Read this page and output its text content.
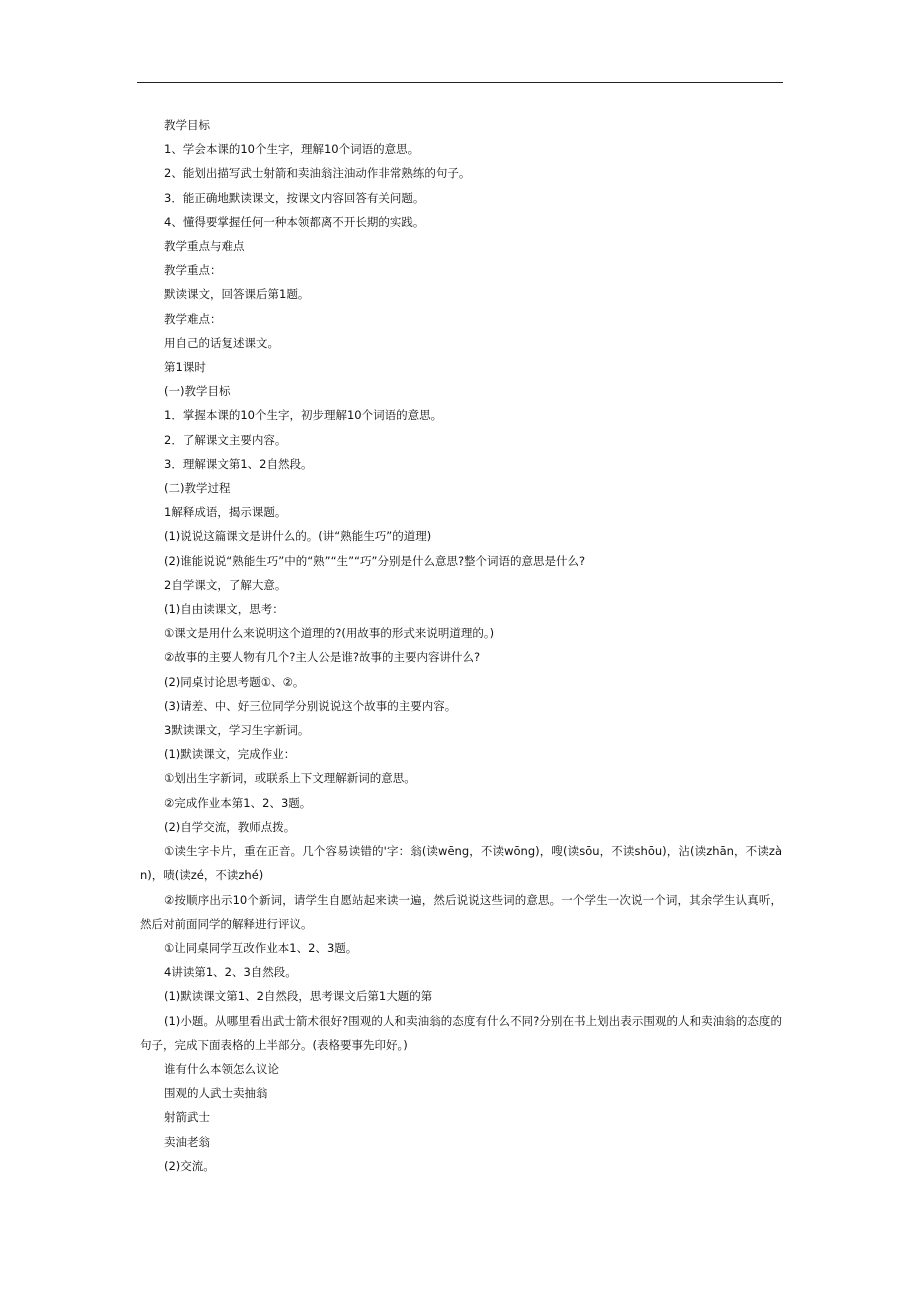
教学目标

1、学会本课的10个生字，理解10个词语的意思。

2、能划出描写武士射箭和卖油翁注油动作非常熟练的句子。

3．能正确地默读课文，按课文内容回答有关问题。

4、懂得要掌握任何一种本领都离不开长期的实践。

教学重点与难点

教学重点：

默读课文，回答课后第1题。

教学难点：

用自己的话复述课文。

第1课时

(一)教学目标

1．掌握本课的10个生字，初步理解10个词语的意思。

2．了解课文主要内容。

3．理解课文第1、2自然段。

(二)教学过程

1解释成语，揭示课题。

(1)说说这篇课文是讲什么的。(讲“熟能生巧”的道理)

(2)谁能说说“熟能生巧”中的“熟”“生”“巧”分别是什么意思?整个词语的意思是什么?

2自学课文，了解大意。

(1)自由读课文，思考：

①课文是用什么来说明这个道理的?(用故事的形式来说明道理的。)

②故事的主要人物有几个?主人公是谁?故事的主要内容讲什么?

(2)同桌讨论思考题①、②。

(3)请差、中、好三位同学分别说说这个故事的主要内容。

3默读课文，学习生字新词。

(1)默读课文，完成作业：

①划出生字新词，或联系上下文理解新词的意思。

②完成作业本第1、2、3题。

(2)自学交流，教师点拨。

①读生字卡片，重在正音。几个容易读错的'字：翁(读wēng，不读wōng)，嗖(读sōu，不读shōu)，沾(读zhān，不读zàn)，啧(读zé，不读zhé)

②按顺序出示10个新词，请学生自愿站起来读一遍，然后说说这些词的意思。一个学生一次说一个词，其余学生认真听，然后对前面同学的解释进行评议。

①让同桌同学互改作业本1、2、3题。

4讲读第1、2、3自然段。

(1)默读课文第1、2自然段，思考课文后第1大题的第

(1)小题。从哪里看出武士箭术很好?围观的人和卖油翁的态度有什么不同?分别在书上划出表示围观的人和卖油翁的态度的句子，完成下面表格的上半部分。(表格要事先印好。)

谁有什么本领怎么议论

围观的人武士卖抽翁

射箭武士

卖油老翁

(2)交流。
